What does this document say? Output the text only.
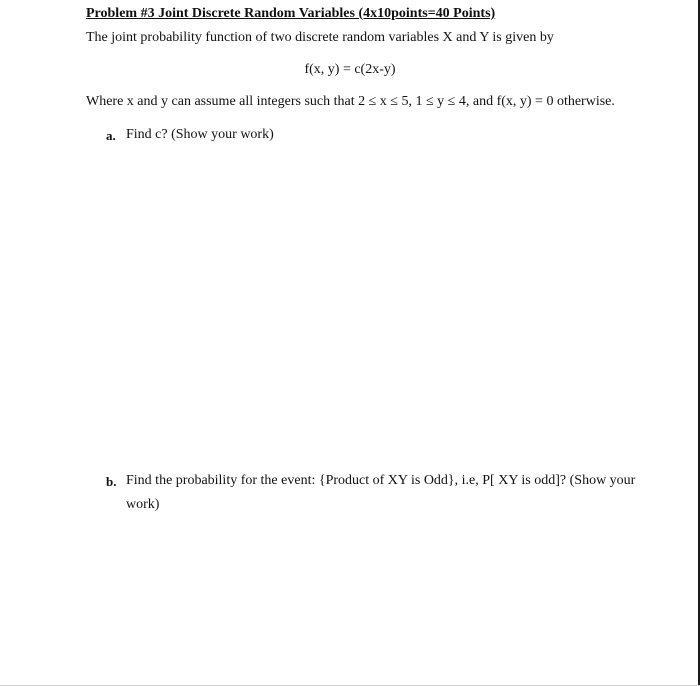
Problem #3 Joint Discrete Random Variables (4x10points=40 Points)
The joint probability function of two discrete random variables X and Y is given by
f(x, y) = c(2x-y)
Where x and y can assume all integers such that 2 ≤ x ≤ 5, 1 ≤ y ≤ 4, and f(x, y) = 0 otherwise.
a. Find c? (Show your work)
b. Find the probability for the event: {Product of XY is Odd}, i.e, P[ XY is odd]? (Show your
work)
